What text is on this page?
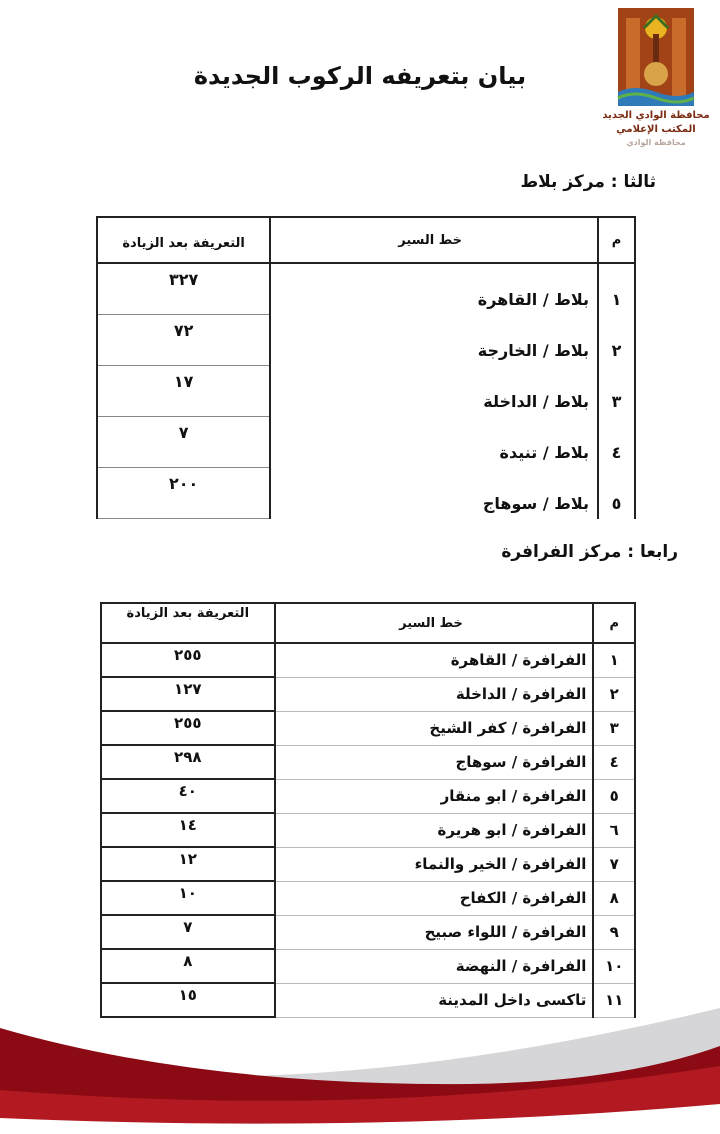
محافظة الوادي الجديد
المكتب الإعلامي
ﻣﺤﺎﻓﻈﺔ ﺍﻟﻮﺍﺩﻱ
بيان بتعريفه الركوب الجديدة
ثالثا : مركز بلاط
م	خط السير	التعريفة بعد الزيادة
١	بلاط / القاهرة	٣٢٧
٢	بلاط / الخارجة	٧٢
٣	بلاط / الداخلة	١٧
٤	بلاط / تنيدة	٧
٥	بلاط / سوهاج	٢٠٠
رابعا : مركز الفرافرة
م	خط السير	التعريفة بعد الزيادة
١	الفرافرة / القاهرة	٢٥٥
٢	الفرافرة / الداخلة	١٢٧
٣	الفرافرة / كفر الشيخ	٢٥٥
٤	الفرافرة / سوهاج	٢٩٨
٥	الفرافرة / ابو منقار	٤٠
٦	الفرافرة / ابو هريرة	١٤
٧	الفرافرة / الخير والنماء	١٢
٨	الفرافرة / الكفاح	١٠
٩	الفرافرة / اللواء صبيح	٧
١٠	الفرافرة / النهضة	٨
١١	تاكسى داخل المدينة	١٥
